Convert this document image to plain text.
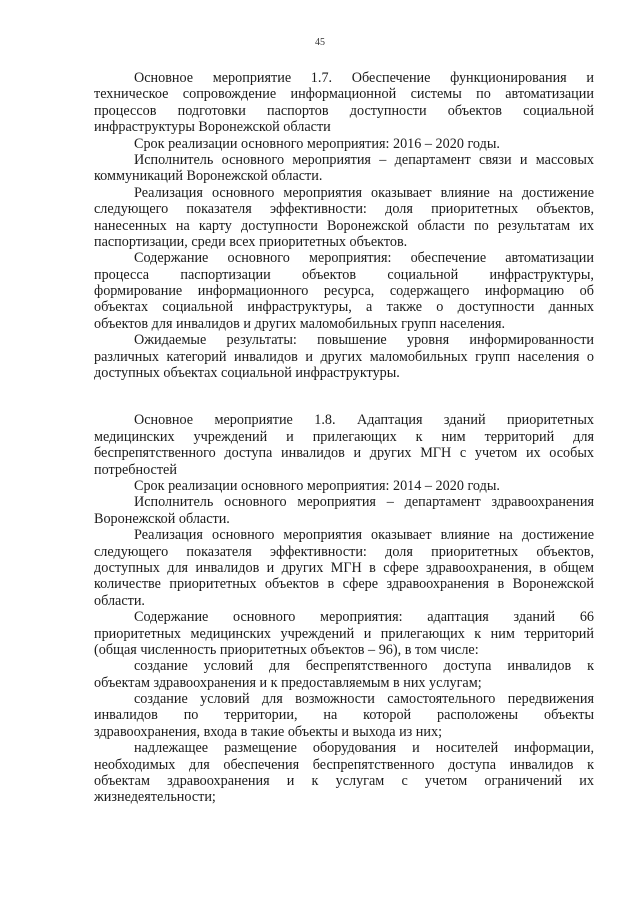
45
Основное мероприятие 1.7. Обеспечение функционирования и
техническое сопровождение информационной системы по автоматизации
процессов подготовки паспортов доступности объектов социальной
инфраструктуры Воронежской области
Срок реализации основного мероприятия: 2016 – 2020 годы.
Исполнитель основного мероприятия – департамент связи и массовых
коммуникаций Воронежской области.
Реализация основного мероприятия оказывает влияние на достижение
следующего показателя эффективности: доля приоритетных объектов,
нанесенных на карту доступности Воронежской области по результатам их
паспортизации, среди всех приоритетных объектов.
Содержание основного мероприятия: обеспечение автоматизации
процесса паспортизации объектов социальной инфраструктуры,
формирование информационного ресурса, содержащего информацию об
объектах социальной инфраструктуры, а также о доступности данных
объектов для инвалидов и других маломобильных групп населения.
Ожидаемые результаты: повышение уровня информированности
различных категорий инвалидов и других маломобильных групп населения о
доступных объектах социальной инфраструктуры.
Основное мероприятие 1.8. Адаптация зданий приоритетных
медицинских учреждений и прилегающих к ним территорий для
беспрепятственного доступа инвалидов и других МГН с учетом их особых
потребностей
Срок реализации основного мероприятия: 2014 – 2020 годы.
Исполнитель основного мероприятия – департамент здравоохранения
Воронежской области.
Реализация основного мероприятия оказывает влияние на достижение
следующего показателя эффективности: доля приоритетных объектов,
доступных для инвалидов и других МГН в сфере здравоохранения, в общем
количестве приоритетных объектов в сфере здравоохранения в Воронежской
области.
Содержание основного мероприятия: адаптация зданий 66
приоритетных медицинских учреждений и прилегающих к ним территорий
(общая численность приоритетных объектов – 96), в том числе:
создание условий для беспрепятственного доступа инвалидов к
объектам здравоохранения и к предоставляемым в них услугам;
создание условий для возможности самостоятельного передвижения
инвалидов по территории, на которой расположены объекты
здравоохранения, входа в такие объекты и выхода из них;
надлежащее размещение оборудования и носителей информации,
необходимых для обеспечения беспрепятственного доступа инвалидов к
объектам здравоохранения и к услугам с учетом ограничений их
жизнедеятельности;
